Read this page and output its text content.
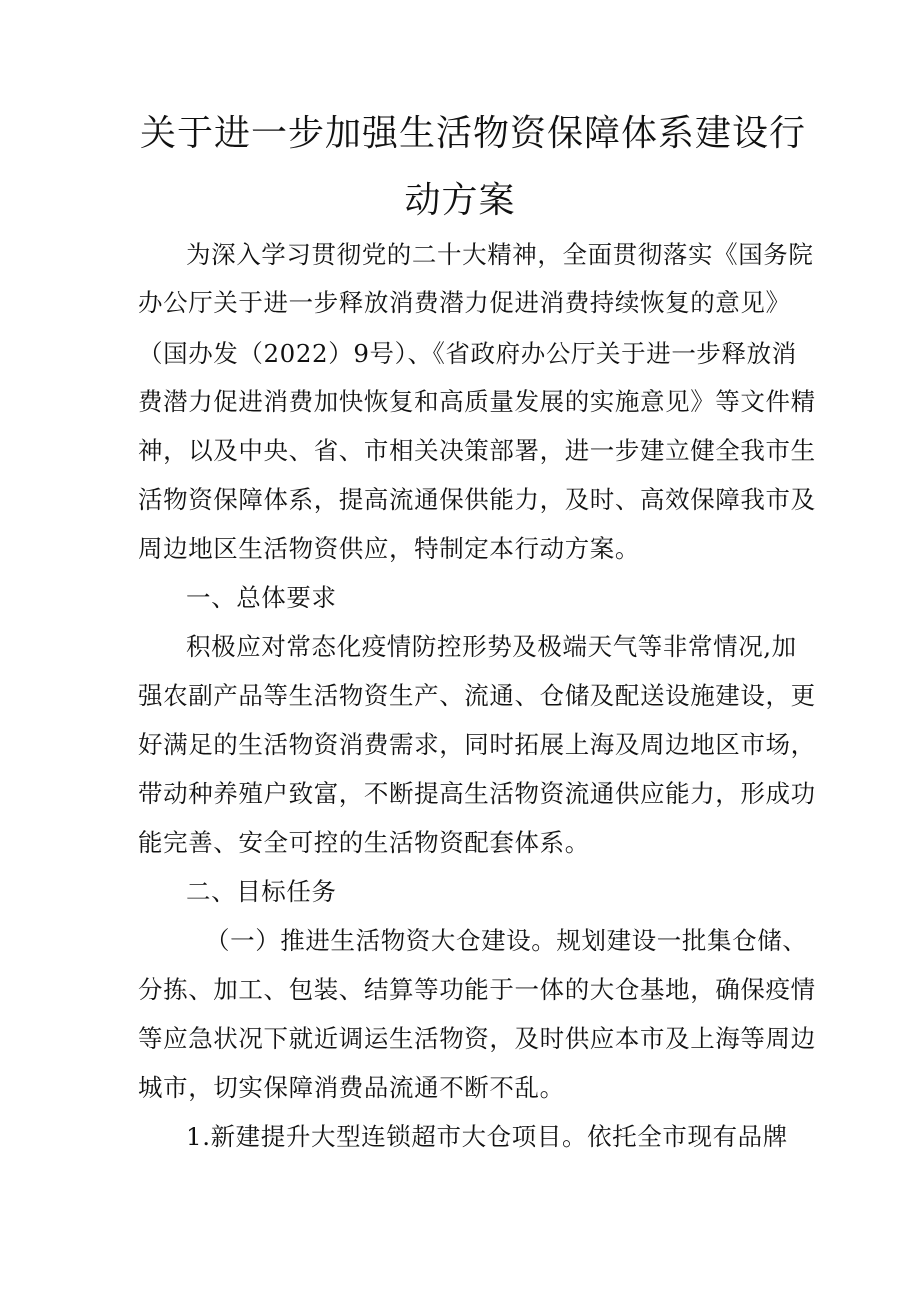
关于进一步加强生活物资保障体系建设行
动方案
为深入学习贯彻党的二十大精神，全面贯彻落实《国务院
办公厅关于进一步释放消费潜力促进消费持续恢复的意见》
（国办发（2022）9号）、《省政府办公厅关于进一步释放消
费潜力促进消费加快恢复和高质量发展的实施意见》等文件精
神，以及中央、省、市相关决策部署，进一步建立健全我市生
活物资保障体系，提高流通保供能力，及时、高效保障我市及
周边地区生活物资供应，特制定本行动方案。
一、总体要求
积极应对常态化疫情防控形势及极端天气等非常情况,加
强农副产品等生活物资生产、流通、仓储及配送设施建设，更
好满足的生活物资消费需求，同时拓展上海及周边地区市场，
带动种养殖户致富，不断提高生活物资流通供应能力，形成功
能完善、安全可控的生活物资配套体系。
二、目标任务
（一）推进生活物资大仓建设。规划建设一批集仓储、
分拣、加工、包装、结算等功能于一体的大仓基地，确保疫情
等应急状况下就近调运生活物资，及时供应本市及上海等周边
城市，切实保障消费品流通不断不乱。
1.新建提升大型连锁超市大仓项目。依托全市现有品牌
